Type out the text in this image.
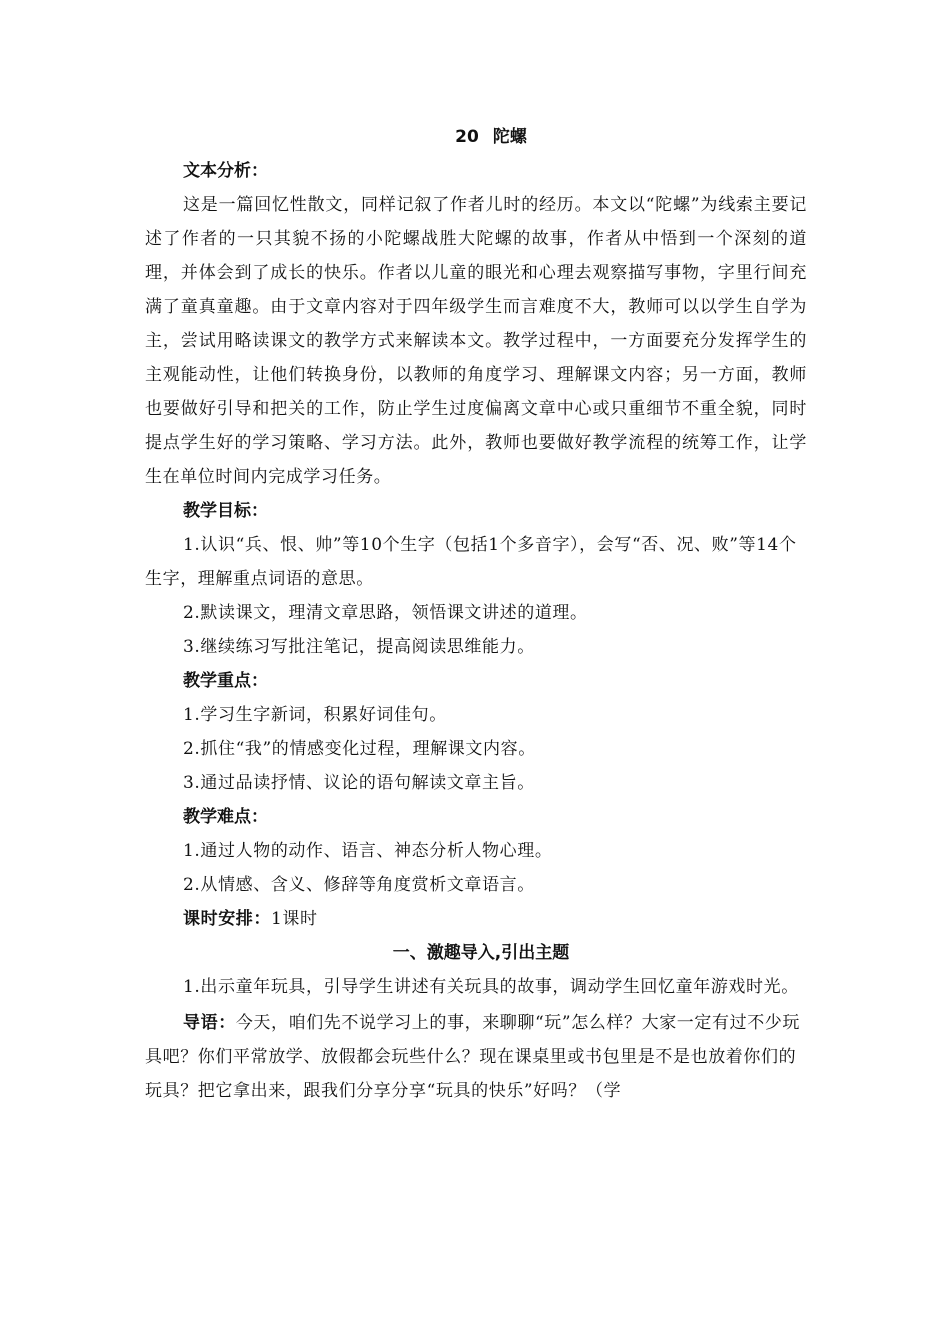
20 陀螺
文本分析：
这是一篇回忆性散文，同样记叙了作者儿时的经历。本文以“陀螺”为线索主要记述了作者的一只其貌不扬的小陀螺战胜大陀螺的故事，作者从中悟到一个深刻的道理，并体会到了成长的快乐。作者以儿童的眼光和心理去观察描写事物，字里行间充满了童真童趣。由于文章内容对于四年级学生而言难度不大，教师可以以学生自学为主，尝试用略读课文的教学方式来解读本文。教学过程中，一方面要充分发挥学生的主观能动性，让他们转换身份，以教师的角度学习、理解课文内容；另一方面，教师也要做好引导和把关的工作，防止学生过度偏离文章中心或只重细节不重全貌，同时提点学生好的学习策略、学习方法。此外，教师也要做好教学流程的统筹工作，让学生在单位时间内完成学习任务。
教学目标：
1.认识“兵、恨、帅”等10个生字（包括1个多音字），会写“否、况、败”等14个生字，理解重点词语的意思。
2.默读课文，理清文章思路，领悟课文讲述的道理。
3.继续练习写批注笔记，提高阅读思维能力。
教学重点：
1.学习生字新词，积累好词佳句。
2.抓住“我”的情感变化过程，理解课文内容。
3.通过品读抒情、议论的语句解读文章主旨。
教学难点：
1.通过人物的动作、语言、神态分析人物心理。
2.从情感、含义、修辞等角度赏析文章语言。
课时安排：1课时
一、激趣导入,引出主题
1.出示童年玩具，引导学生讲述有关玩具的故事，调动学生回忆童年游戏时光。
导语：今天，咱们先不说学习上的事，来聊聊“玩”怎么样？大家一定有过不少玩具吧？你们平常放学、放假都会玩些什么？现在课桌里或书包里是不是也放着你们的玩具？把它拿出来，跟我们分享分享“玩具的快乐”好吗？（学
